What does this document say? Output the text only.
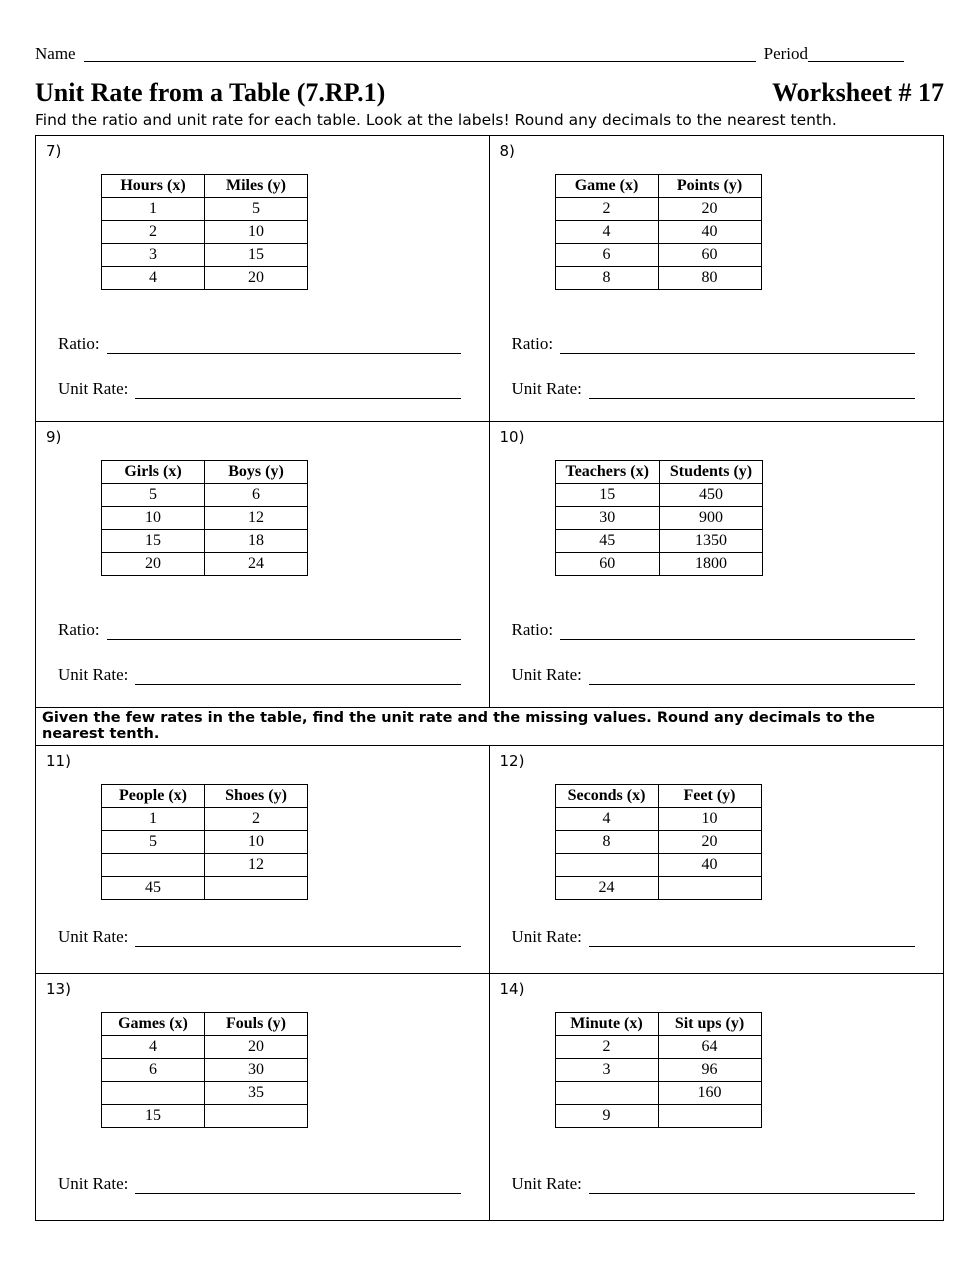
Name	Period
Unit Rate from a Table (7.RP.1)	Worksheet # 17
Find the ratio and unit rate for each table. Look at the labels! Round any decimals to the nearest tenth.
7)
Hours (x)	Miles (y)
1	5
2	10
3	15
4	20
Ratio:
Unit Rate:
8)
Game (x)	Points (y)
2	20
4	40
6	60
8	80
Ratio:
Unit Rate:
9)
Girls (x)	Boys (y)
5	6
10	12
15	18
20	24
Ratio:
Unit Rate:
10)
Teachers (x)	Students (y)
15	450
30	900
45	1350
60	1800
Ratio:
Unit Rate:
Given the few rates in the table, find the unit rate and the missing values. Round any decimals to the nearest tenth.
11)
People (x)	Shoes (y)
1	2
5	10
	12
45	
Unit Rate:
12)
Seconds (x)	Feet (y)
4	10
8	20
	40
24	
Unit Rate:
13)
Games (x)	Fouls (y)
4	20
6	30
	35
15	
Unit Rate:
14)
Minute (x)	Sit ups (y)
2	64
3	96
	160
9	
Unit Rate:
